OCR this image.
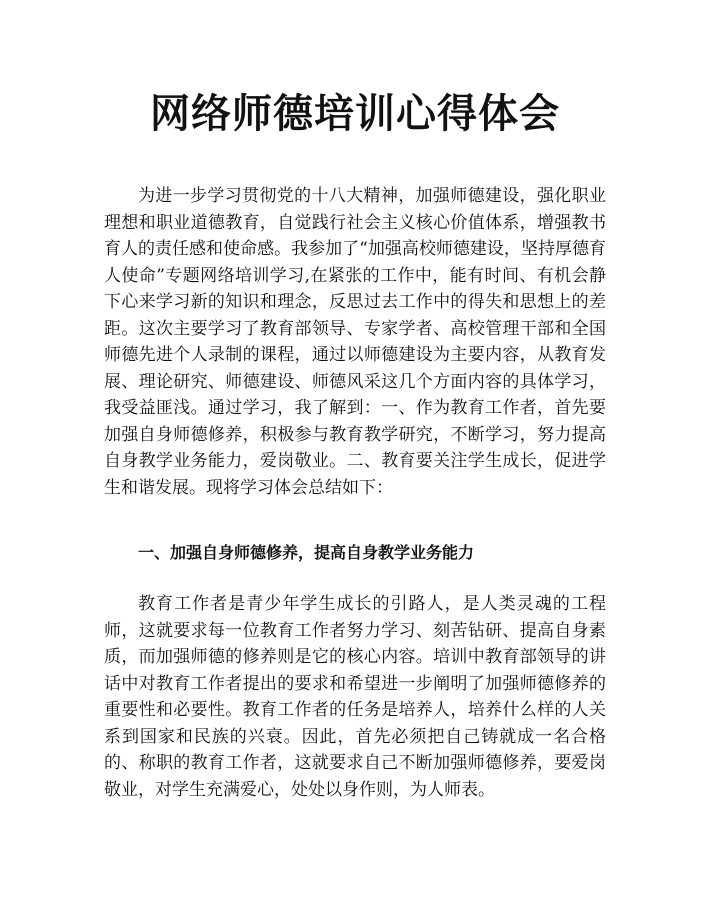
网络师德培训心得体会

为进一步学习贯彻党的十八大精神，加强师德建设，强化职业理想和职业道德教育，自觉践行社会主义核心价值体系，增强教书育人的责任感和使命感。我参加了“加强高校师德建设，坚持厚德育人使命”专题网络培训学习,在紧张的工作中，能有时间、有机会静下心来学习新的知识和理念，反思过去工作中的得失和思想上的差距。这次主要学习了教育部领导、专家学者、高校管理干部和全国师德先进个人录制的课程，通过以师德建设为主要内容，从教育发展、理论研究、师德建设、师德风采这几个方面内容的具体学习，我受益匪浅。通过学习，我了解到：一、作为教育工作者，首先要加强自身师德修养，积极参与教育教学研究，不断学习，努力提高自身教学业务能力，爱岗敬业。二、教育要关注学生成长，促进学生和谐发展。现将学习体会总结如下：

一、加强自身师德修养，提高自身教学业务能力

教育工作者是青少年学生成长的引路人，是人类灵魂的工程师，这就要求每一位教育工作者努力学习、刻苦钻研、提高自身素质，而加强师德的修养则是它的核心内容。培训中教育部领导的讲话中对教育工作者提出的要求和希望进一步阐明了加强师德修养的重要性和必要性。教育工作者的任务是培养人，培养什么样的人关系到国家和民族的兴衰。因此，首先必须把自己铸就成一名合格的、称职的教育工作者，这就要求自己不断加强师德修养，要爱岗敬业，对学生充满爱心，处处以身作则，为人师表。
